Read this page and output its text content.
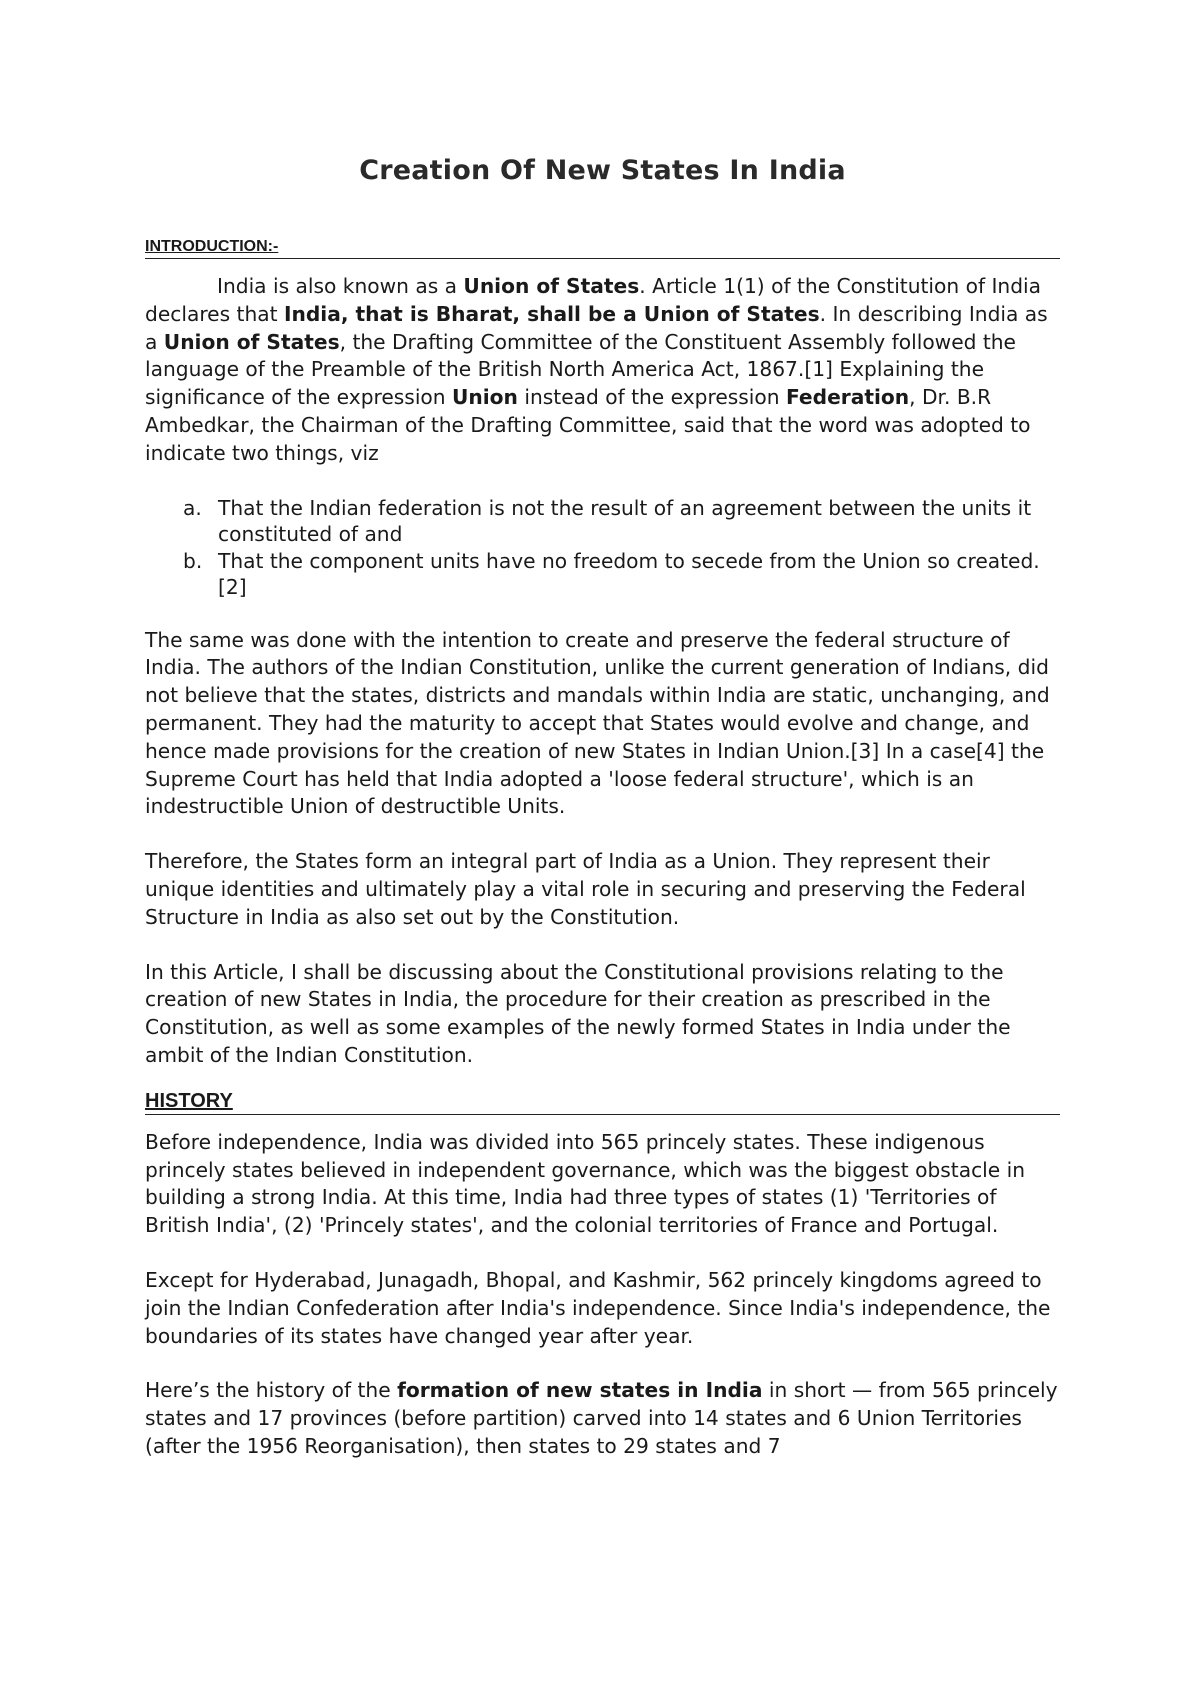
Creation Of New States In India
INTRODUCTION:-

India is also known as a Union of States. Article 1(1) of the Constitution of India declares that India, that is Bharat, shall be a Union of States. In describing India as a Union of States, the Drafting Committee of the Constituent Assembly followed the language of the Preamble of the British North America Act, 1867.[1] Explaining the significance of the expression Union instead of the expression Federation, Dr. B.R Ambedkar, the Chairman of the Drafting Committee, said that the word was adopted to indicate two things, viz

a. That the Indian federation is not the result of an agreement between the units it constituted of and
b. That the component units have no freedom to secede from the Union so created.[2]

The same was done with the intention to create and preserve the federal structure of India. The authors of the Indian Constitution, unlike the current generation of Indians, did not believe that the states, districts and mandals within India are static, unchanging, and permanent. They had the maturity to accept that States would evolve and change, and hence made provisions for the creation of new States in Indian Union.[3] In a case[4] the Supreme Court has held that India adopted a 'loose federal structure', which is an indestructible Union of destructible Units.

Therefore, the States form an integral part of India as a Union. They represent their unique identities and ultimately play a vital role in securing and preserving the Federal Structure in India as also set out by the Constitution.

In this Article, I shall be discussing about the Constitutional provisions relating to the creation of new States in India, the procedure for their creation as prescribed in the Constitution, as well as some examples of the newly formed States in India under the ambit of the Indian Constitution.

HISTORY

Before independence, India was divided into 565 princely states. These indigenous princely states believed in independent governance, which was the biggest obstacle in building a strong India. At this time, India had three types of states (1) 'Territories of British India', (2) 'Princely states', and the colonial territories of France and Portugal.

Except for Hyderabad, Junagadh, Bhopal, and Kashmir, 562 princely kingdoms agreed to join the Indian Confederation after India's independence. Since India's independence, the boundaries of its states have changed year after year.

Here’s the history of the formation of new states in India in short — from 565 princely states and 17 provinces (before partition) carved into 14 states and 6 Union Territories (after the 1956 Reorganisation), then states to 29 states and 7
